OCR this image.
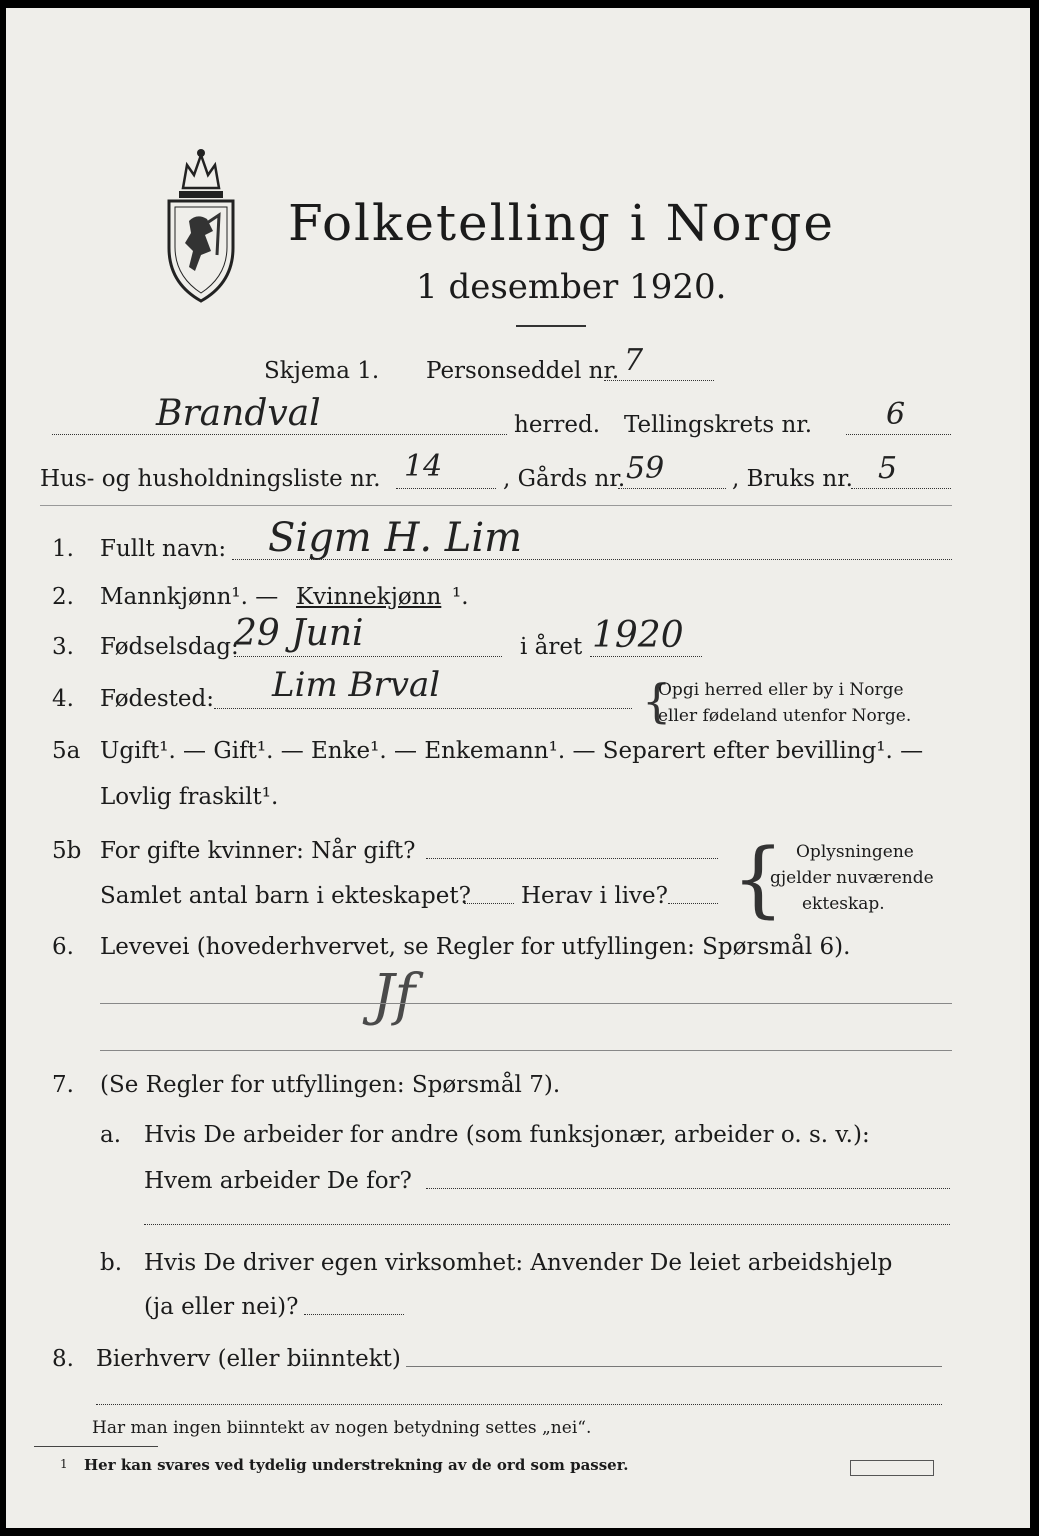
Folketelling i Norge
1 desember 1920.
Skjema 1. Personseddel nr. 7
Brandval	herred. Tellingskrets nr. 6
Hus- og husholdningsliste nr. 14	, Gårds nr. 59	, Bruks nr. 5
1. Fullt navn: Sigm H. Lim
2. Mannkjønn¹. — Kvinnekjønn ¹.
3. Fødselsdag:
29 Juni	i året 1920
4. Fødested: Lim Brval	{
Opgi herred eller by i Norge
eller fødeland utenfor Norge.
5a Ugift¹. — Gift¹. — Enke¹. — Enkemann¹. — Separert efter bevilling¹. —
Lovlig fraskilt¹.
5b For gifte kvinner: Når gift?
Samlet antal barn i ekteskapet? Herav i live? { Oplysningene
gjelder nuværende
ekteskap.
6. Levevei (hovederhvervet, se Regler for utfyllingen: Spørsmål 6).
Jf
7. (Se Regler for utfyllingen: Spørsmål 7).
a. Hvis De arbeider for andre (som funksjonær, arbeider o. s. v.):
Hvem arbeider De for?
b. Hvis De driver egen virksomhet: Anvender De leiet arbeidshjelp
(ja eller nei)?
8. Bierhverv (eller biinntekt)
Har man ingen biinntekt av nogen betydning settes „nei“.
1 Her kan svares ved tydelig understrekning av de ord som passer.
